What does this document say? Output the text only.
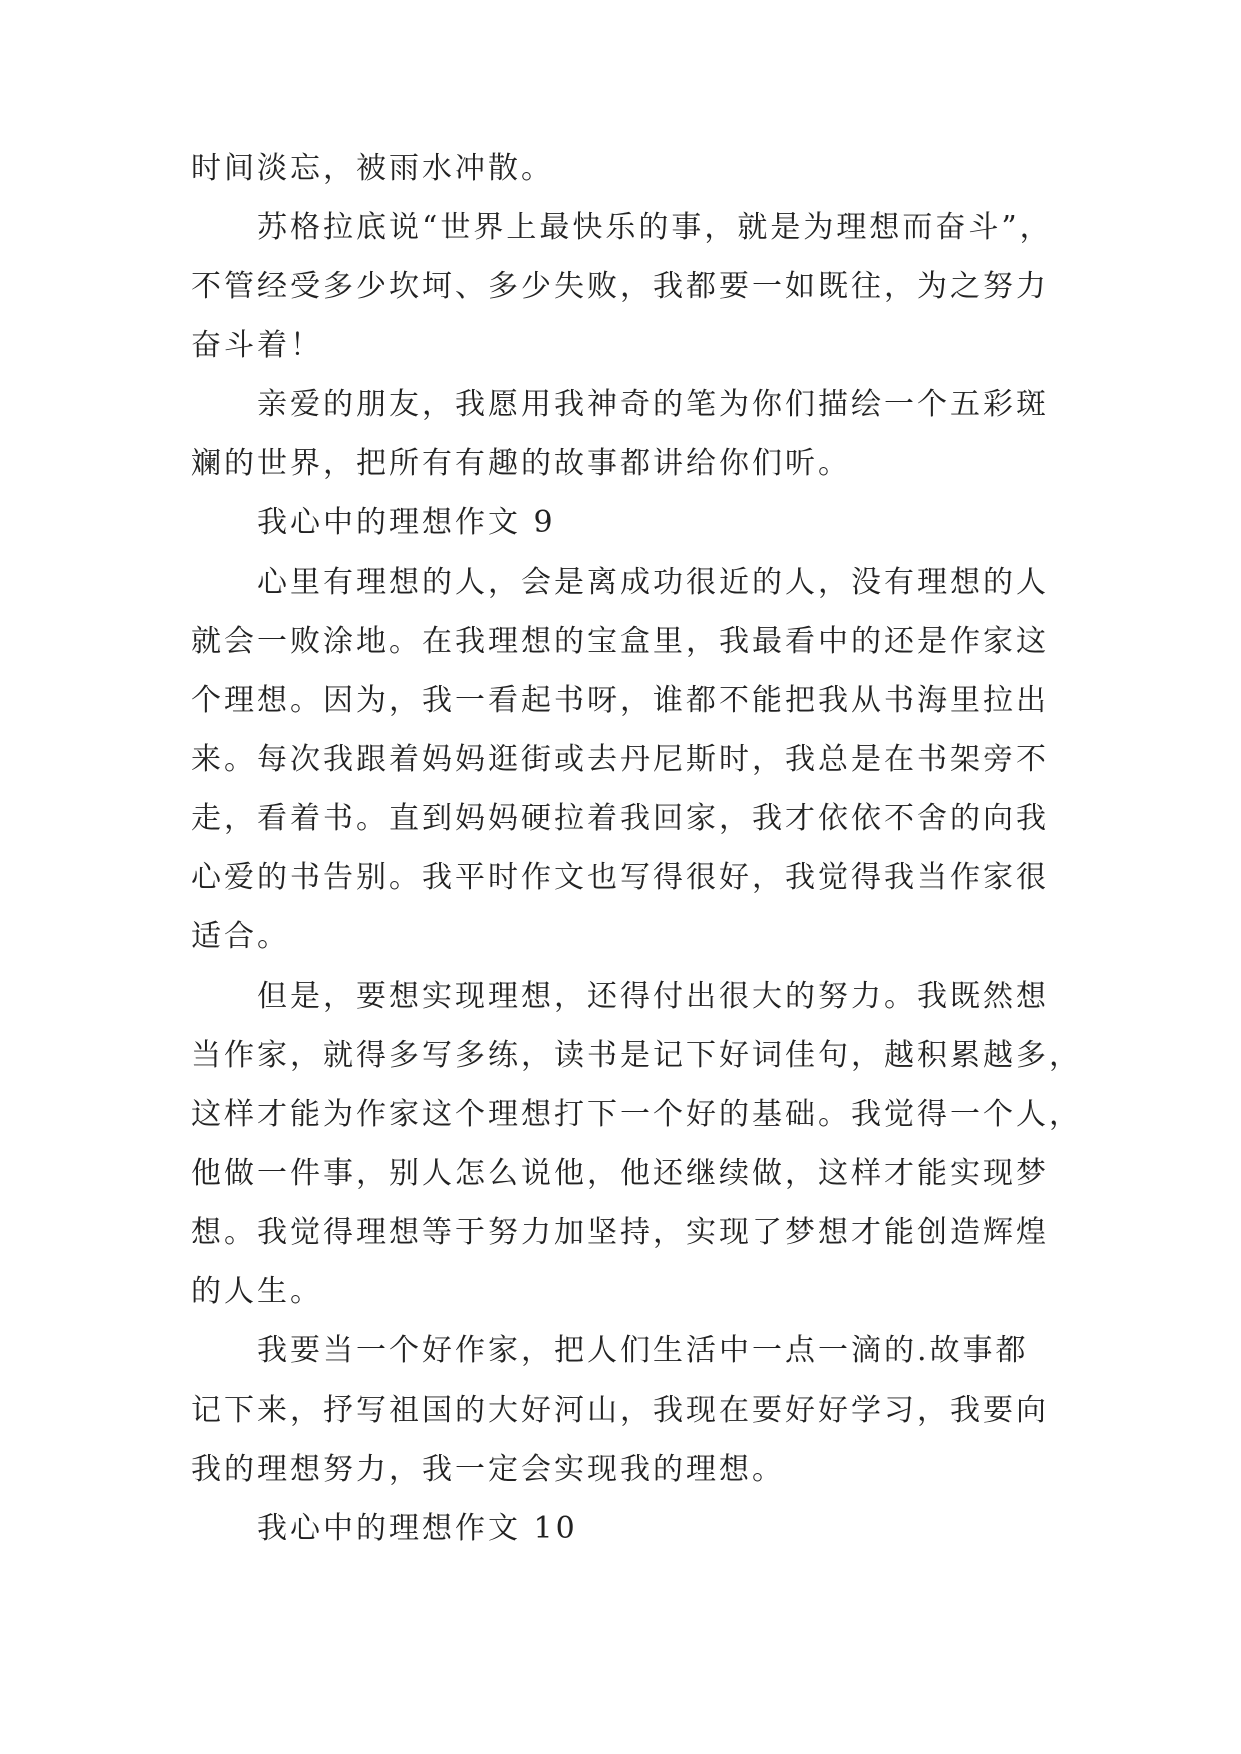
时间淡忘，被雨水冲散。
苏格拉底说“世界上最快乐的事，就是为理想而奋斗”，
不管经受多少坎坷、多少失败，我都要一如既往，为之努力
奋斗着！
亲爱的朋友，我愿用我神奇的笔为你们描绘一个五彩斑
斓的世界，把所有有趣的故事都讲给你们听。
我心中的理想作文 9
心里有理想的人，会是离成功很近的人，没有理想的人
就会一败涂地。在我理想的宝盒里，我最看中的还是作家这
个理想。因为，我一看起书呀，谁都不能把我从书海里拉出
来。每次我跟着妈妈逛街或去丹尼斯时，我总是在书架旁不
走，看着书。直到妈妈硬拉着我回家，我才依依不舍的向我
心爱的书告别。我平时作文也写得很好，我觉得我当作家很
适合。
但是，要想实现理想，还得付出很大的努力。我既然想
当作家，就得多写多练，读书是记下好词佳句，越积累越多，
这样才能为作家这个理想打下一个好的基础。我觉得一个人，
他做一件事，别人怎么说他，他还继续做，这样才能实现梦
想。我觉得理想等于努力加坚持，实现了梦想才能创造辉煌
的人生。
我要当一个好作家，把人们生活中一点一滴的.故事都
记下来，抒写祖国的大好河山，我现在要好好学习，我要向
我的理想努力，我一定会实现我的理想。
我心中的理想作文 10
